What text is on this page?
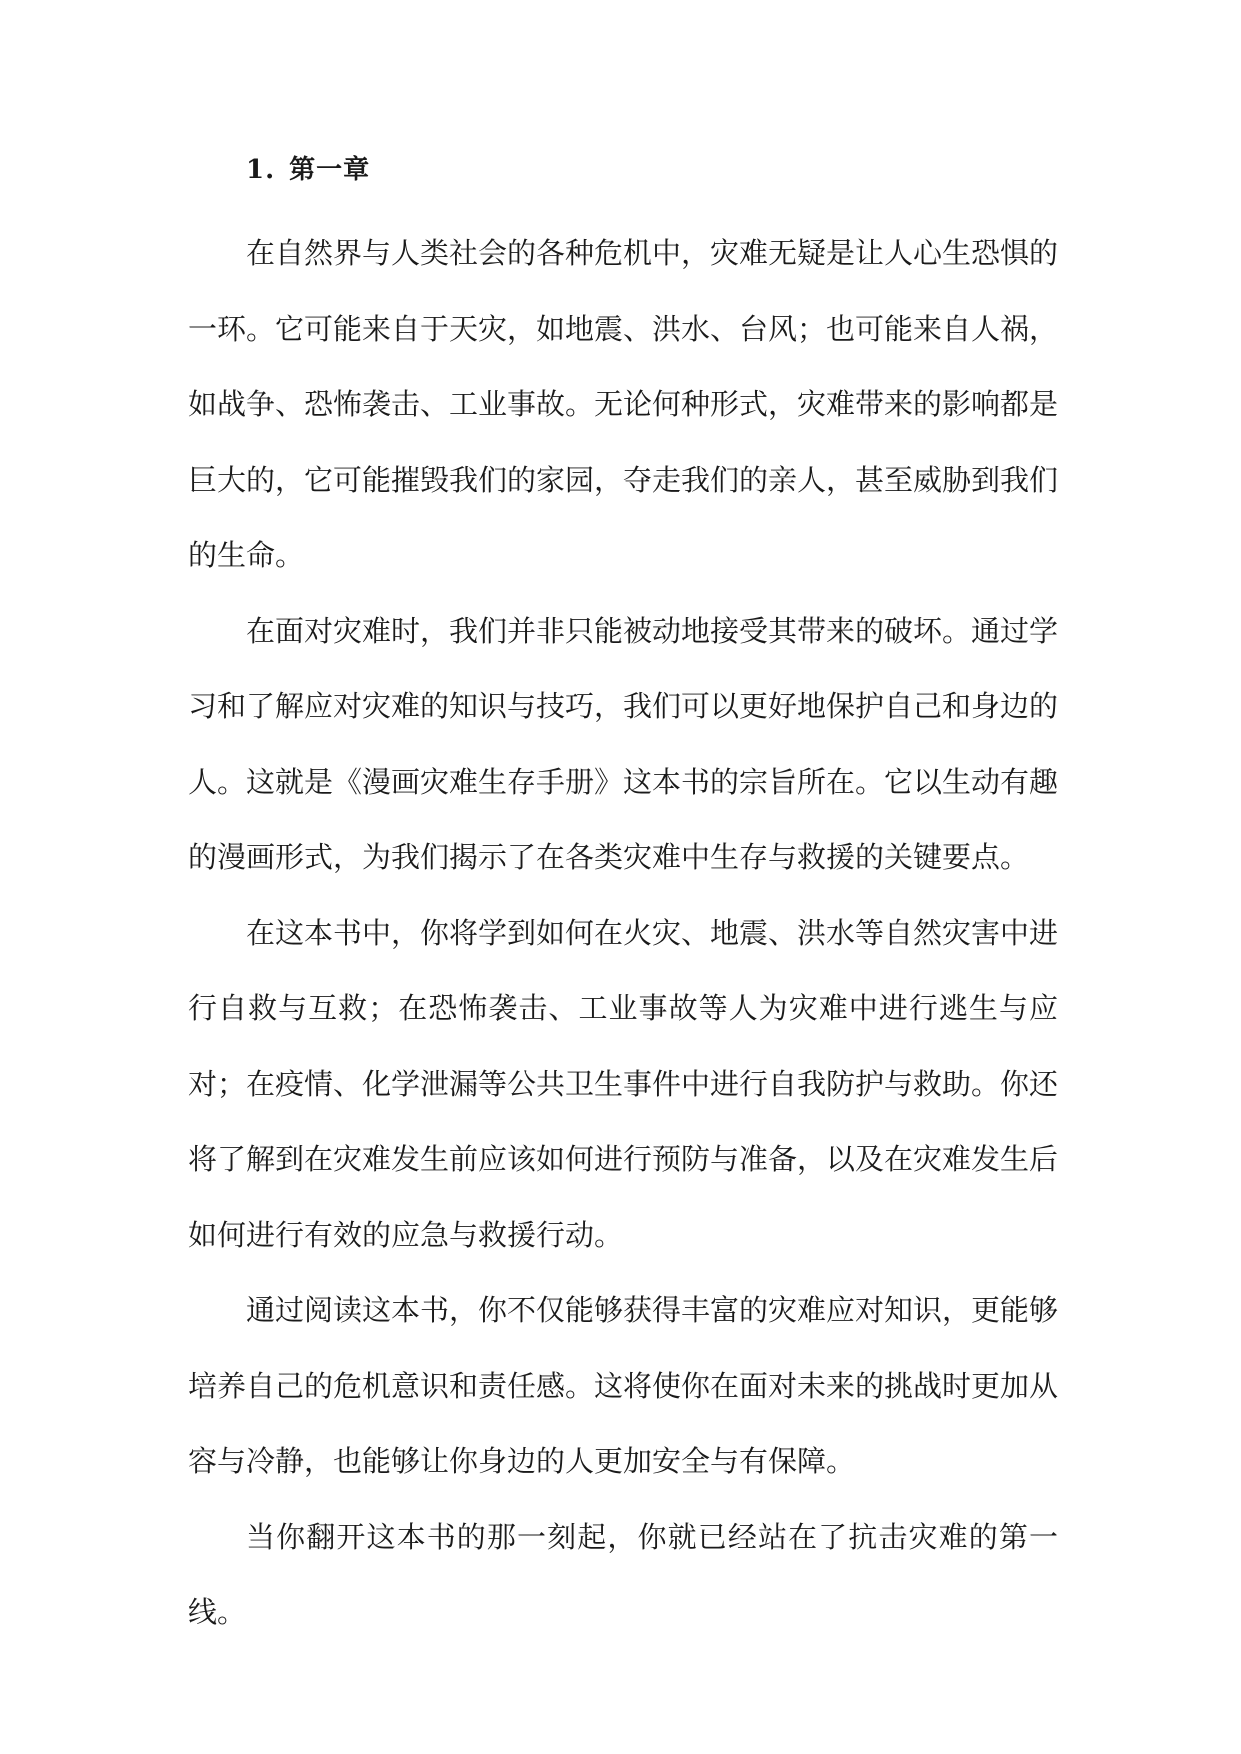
1. 第一章

在自然界与人类社会的各种危机中，灾难无疑是让人心生恐惧的一环。它可能来自于天灾，如地震、洪水、台风；也可能来自人祸，如战争、恐怖袭击、工业事故。无论何种形式，灾难带来的影响都是巨大的，它可能摧毁我们的家园，夺走我们的亲人，甚至威胁到我们的生命。

在面对灾难时，我们并非只能被动地接受其带来的破坏。通过学习和了解应对灾难的知识与技巧，我们可以更好地保护自己和身边的人。这就是《漫画灾难生存手册》这本书的宗旨所在。它以生动有趣的漫画形式，为我们揭示了在各类灾难中生存与救援的关键要点。

在这本书中，你将学到如何在火灾、地震、洪水等自然灾害中进行自救与互救；在恐怖袭击、工业事故等人为灾难中进行逃生与应对；在疫情、化学泄漏等公共卫生事件中进行自我防护与救助。你还将了解到在灾难发生前应该如何进行预防与准备，以及在灾难发生后如何进行有效的应急与救援行动。

通过阅读这本书，你不仅能够获得丰富的灾难应对知识，更能够培养自己的危机意识和责任感。这将使你在面对未来的挑战时更加从容与冷静，也能够让你身边的人更加安全与有保障。

当你翻开这本书的那一刻起，你就已经站在了抗击灾难的第一线。
